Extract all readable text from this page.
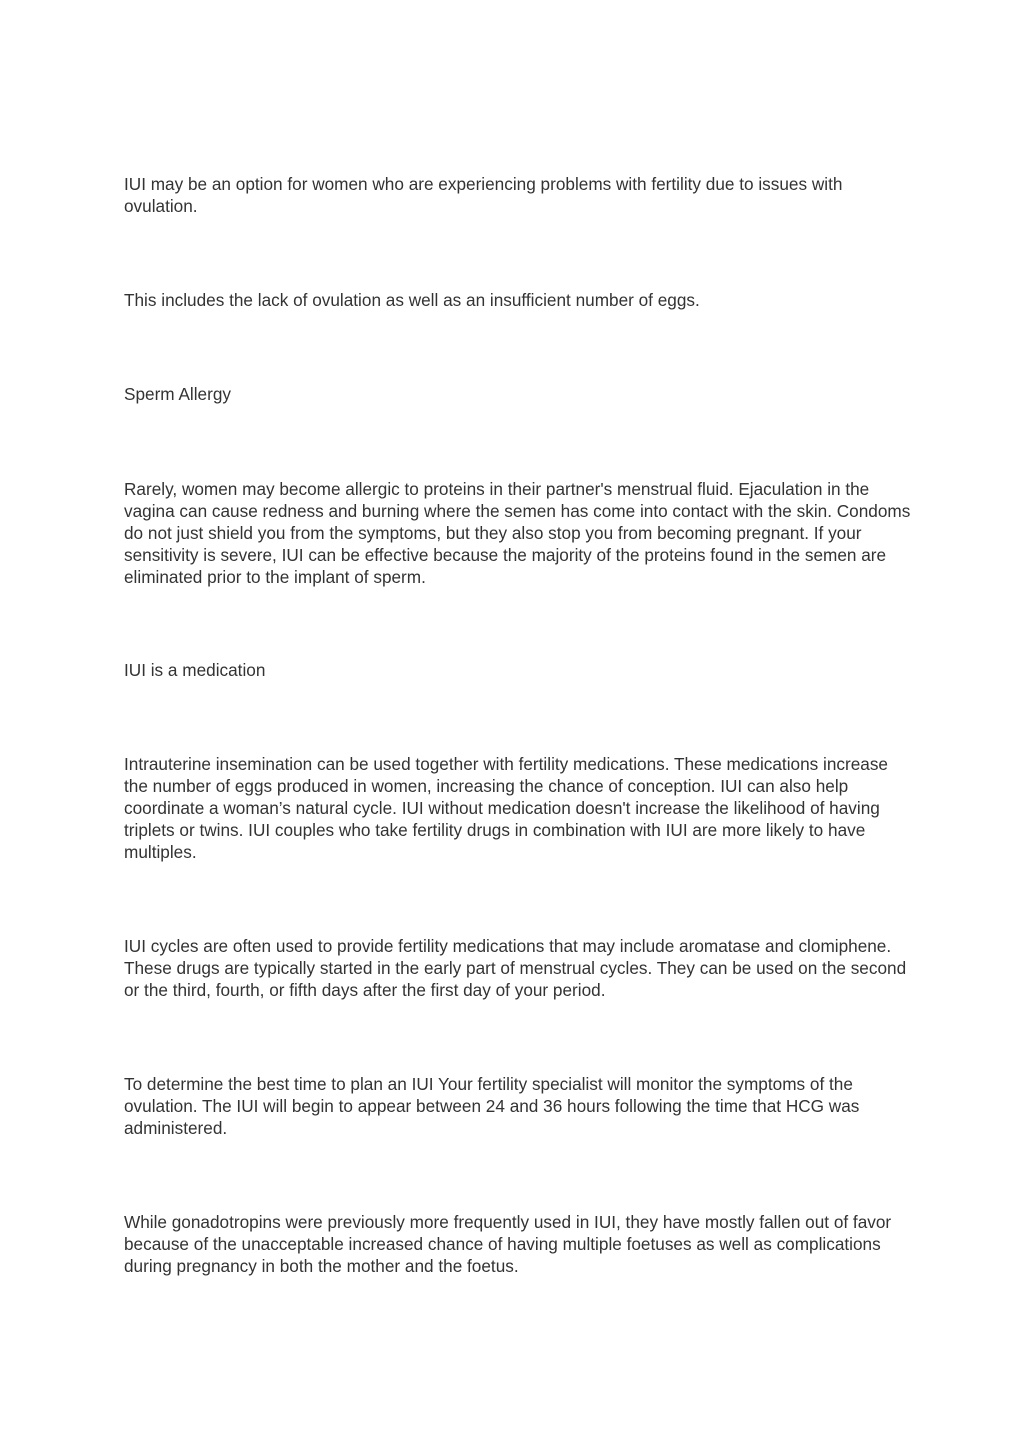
IUI may be an option for women who are experiencing problems with fertility due to issues with ovulation.

This includes the lack of ovulation as well as an insufficient number of eggs.

Sperm Allergy

Rarely, women may become allergic to proteins in their partner's menstrual fluid. Ejaculation in the vagina can cause redness and burning where the semen has come into contact with the skin. Condoms do not just shield you from the symptoms, but they also stop you from becoming pregnant. If your sensitivity is severe, IUI can be effective because the majority of the proteins found in the semen are eliminated prior to the implant of sperm.

IUI is a medication

Intrauterine insemination can be used together with fertility medications. These medications increase the number of eggs produced in women, increasing the chance of conception. IUI can also help coordinate a woman’s natural cycle. IUI without medication doesn't increase the likelihood of having triplets or twins. IUI couples who take fertility drugs in combination with IUI are more likely to have multiples.

IUI cycles are often used to provide fertility medications that may include aromatase and clomiphene. These drugs are typically started in the early part of menstrual cycles. They can be used on the second or the third, fourth, or fifth days after the first day of your period.

To determine the best time to plan an IUI Your fertility specialist will monitor the symptoms of the ovulation. The IUI will begin to appear between 24 and 36 hours following the time that HCG was administered.

While gonadotropins were previously more frequently used in IUI, they have mostly fallen out of favor because of the unacceptable increased chance of having multiple foetuses as well as complications during pregnancy in both the mother and the foetus.
